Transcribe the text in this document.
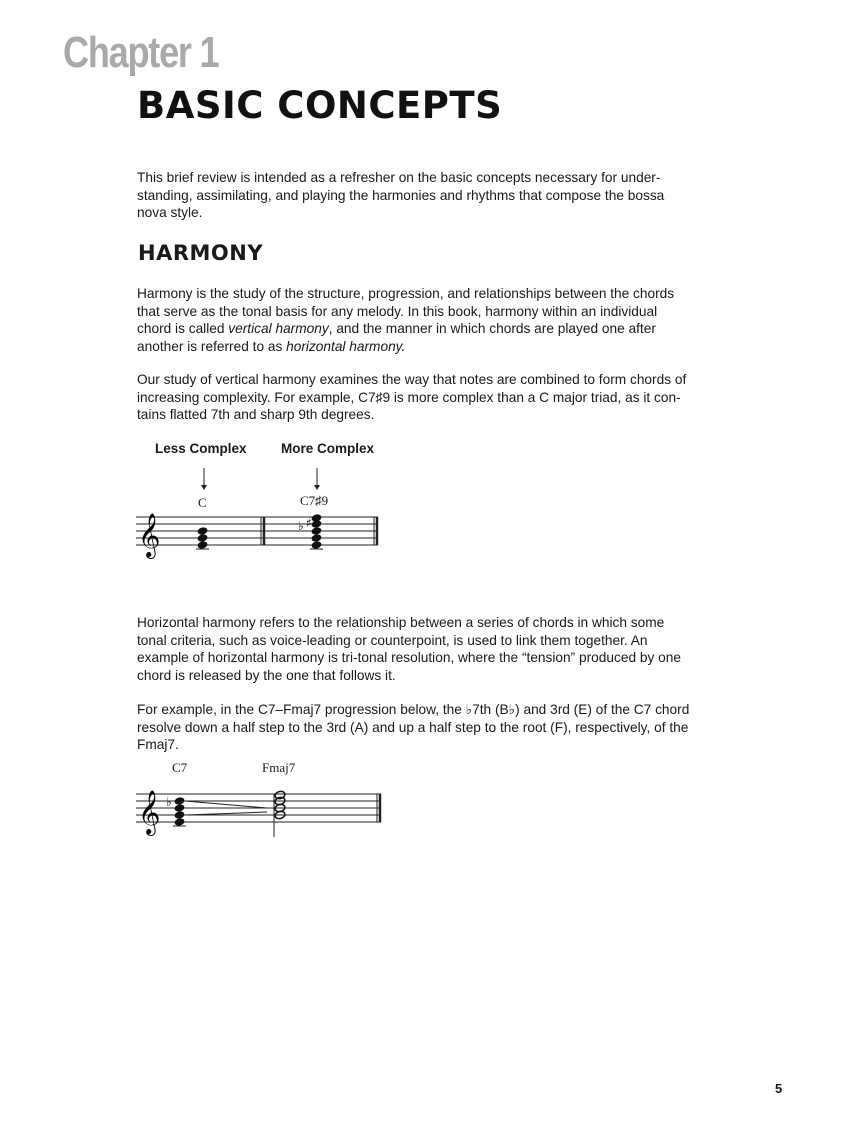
Chapter 1
BASIC CONCEPTS
This brief review is intended as a refresher on the basic concepts necessary for under-
standing, assimilating, and playing the harmonies and rhythms that compose the bossa
nova style.
HARMONY
Harmony is the study of the structure, progression, and relationships between the chords
that serve as the tonal basis for any melody. In this book, harmony within an individual
chord is called vertical harmony, and the manner in which chords are played one after
another is referred to as horizontal harmony.
Our study of vertical harmony examines the way that notes are combined to form chords of
increasing complexity. For example, C7♯9 is more complex than a C major triad, as it con-
tains flatted 7th and sharp 9th degrees.
Less Complex	More Complex
C	C7♯9
𝄞	♭ ♯
Horizontal harmony refers to the relationship between a series of chords in which some
tonal criteria, such as voice-leading or counterpoint, is used to link them together. An
example of horizontal harmony is tri-tonal resolution, where the “tension” produced by one
chord is released by the one that follows it.
For example, in the C7–Fmaj7 progression below, the ♭7th (B♭) and 3rd (E) of the C7 chord
resolve down a half step to the 3rd (A) and up a half step to the root (F), respectively, of the
Fmaj7.
C7	Fmaj7
𝄞 ♭
5
